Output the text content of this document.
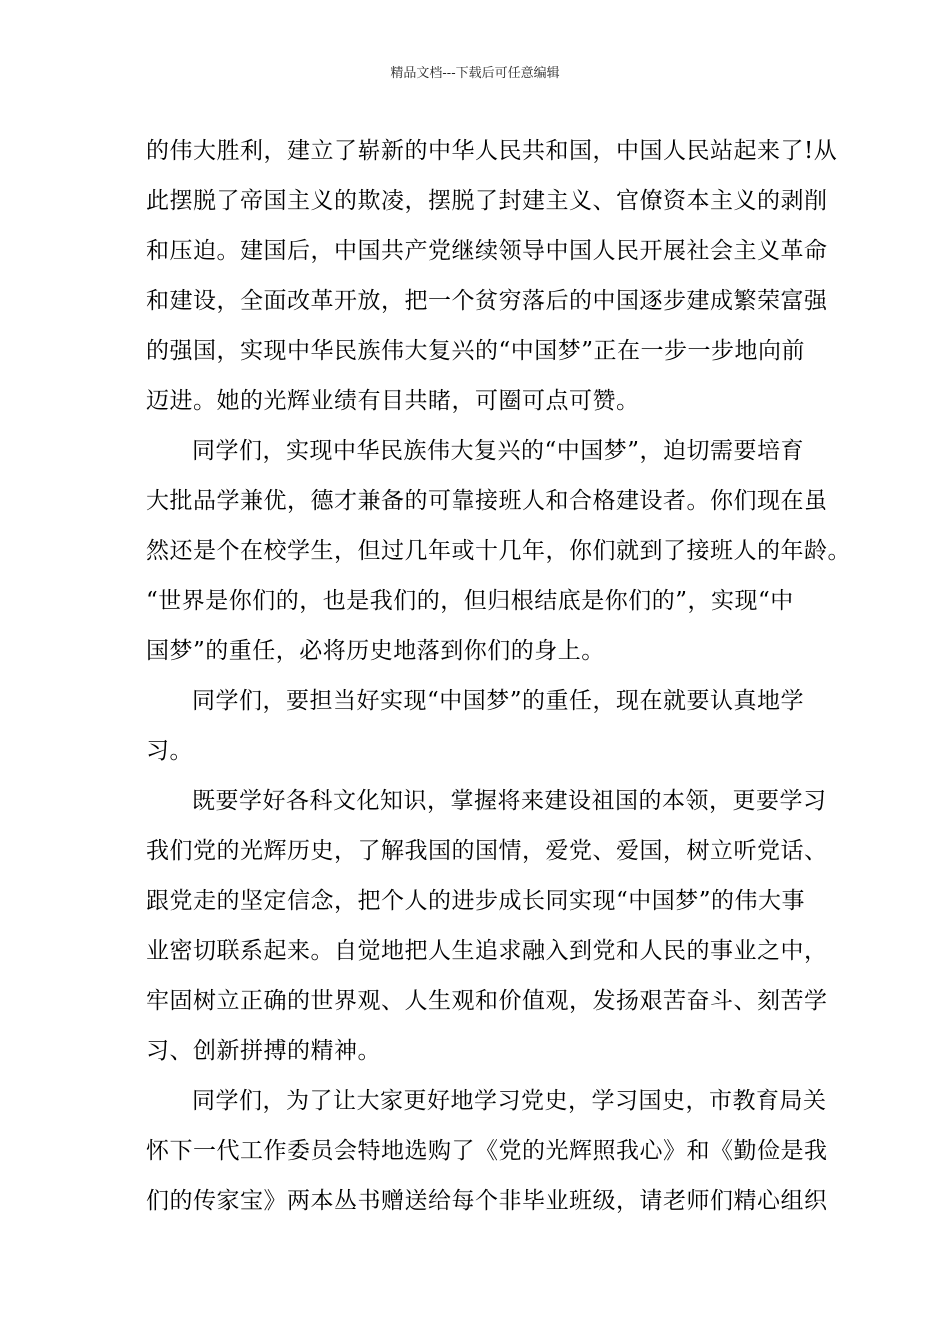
精品文档---下载后可任意编辑
的伟大胜利，建立了崭新的中华人民共和国，中国人民站起来了!从
此摆脱了帝国主义的欺凌，摆脱了封建主义、官僚资本主义的剥削
和压迫。建国后，中国共产党继续领导中国人民开展社会主义革命
和建设，全面改革开放，把一个贫穷落后的中国逐步建成繁荣富强
的强国，实现中华民族伟大复兴的“中国梦”正在一步一步地向前
迈进。她的光辉业绩有目共睹，可圈可点可赞。
同学们，实现中华民族伟大复兴的“中国梦”，迫切需要培育
大批品学兼优，德才兼备的可靠接班人和合格建设者。你们现在虽
然还是个在校学生，但过几年或十几年，你们就到了接班人的年龄。
“世界是你们的，也是我们的，但归根结底是你们的”，实现“中
国梦”的重任，必将历史地落到你们的身上。
同学们，要担当好实现“中国梦”的重任，现在就要认真地学
习。
既要学好各科文化知识，掌握将来建设祖国的本领，更要学习
我们党的光辉历史，了解我国的国情，爱党、爱国，树立听党话、
跟党走的坚定信念，把个人的进步成长同实现“中国梦”的伟大事
业密切联系起来。自觉地把人生追求融入到党和人民的事业之中，
牢固树立正确的世界观、人生观和价值观，发扬艰苦奋斗、刻苦学
习、创新拼搏的精神。
同学们，为了让大家更好地学习党史，学习国史，市教育局关
怀下一代工作委员会特地选购了《党的光辉照我心》和《勤俭是我
们的传家宝》两本丛书赠送给每个非毕业班级，请老师们精心组织
